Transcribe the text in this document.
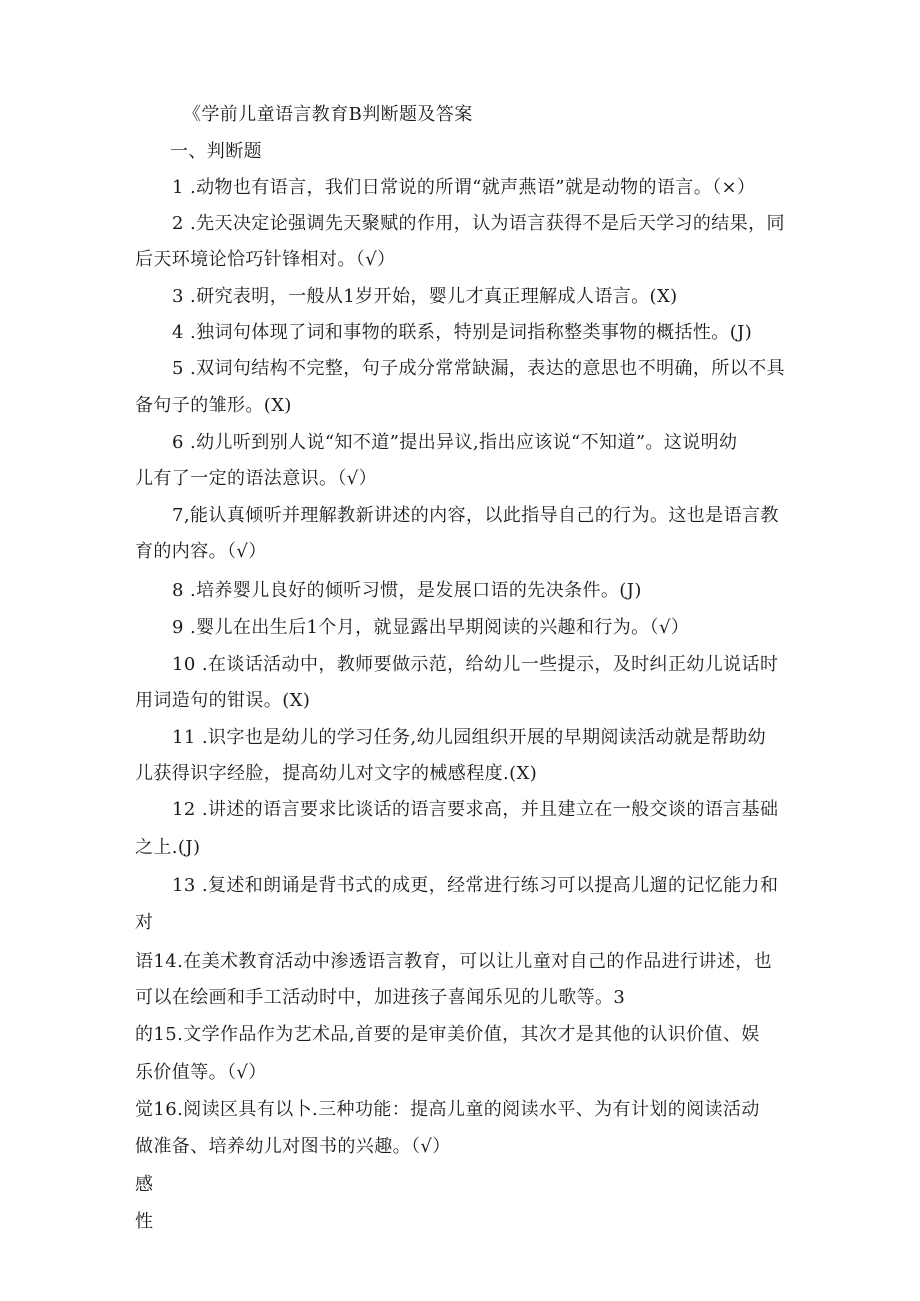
《学前儿童语言教育B判断题及答案
一、判断题
1 .动物也有语言，我们日常说的所谓“就声燕语”就是动物的语言。（×）
2 .先天决定论强调先天聚赋的作用，认为语言获得不是后天学习的结果，同
后天环境论恰巧针锋相对。（√）
3 .研究表明，一般从1岁开始，婴儿才真正理解成人语言。(X)
4 .独词句体现了词和事物的联系，特别是词指称整类事物的概括性。(J)
5 .双词句结构不完整，句子成分常常缺漏，表达的意思也不明确，所以不具
备句子的雏形。(X)
6 .幼儿听到别人说“知不道”提出异议,指出应该说“不知道”。这说明幼
儿有了一定的语法意识。（√）
7,能认真倾听并理解教新讲述的内容，以此指导自己的行为。这也是语言教
育的内容。（√）
8 .培养婴儿良好的倾听习惯，是发展口语的先决条件。(J)
9 .婴儿在出生后1个月，就显露出早期阅读的兴趣和行为。（√）
10 .在谈话活动中，教师要做示范，给幼儿一些提示，及时纠正幼儿说话时
用词造句的钳误。(X)
11 .识字也是幼儿的学习任务,幼儿园组织开展的早期阅读活动就是帮助幼
儿获得识字经脸，提高幼儿对文字的械感程度.(X)
12 .讲述的语言要求比谈话的语言要求高，并且建立在一般交谈的语言基础
之上.(J)
13 .复述和朗诵是背书式的成更，经常进行练习可以提高儿遛的记忆能力和
对
语14.在美术教育活动中渗透语言教育，可以让儿童对自己的作品进行讲述，也
可以在绘画和手工活动时中，加进孩子喜闻乐见的儿歌等。3
的15.文学作品作为艺术品,首要的是审美价值，其次才是其他的认识价值、娱
乐价值等。（√）
觉16.阅读区具有以卜.三种功能：提高儿童的阅读水平、为有计划的阅读活动
做准备、培养幼儿对图书的兴趣。（√）
感
性
